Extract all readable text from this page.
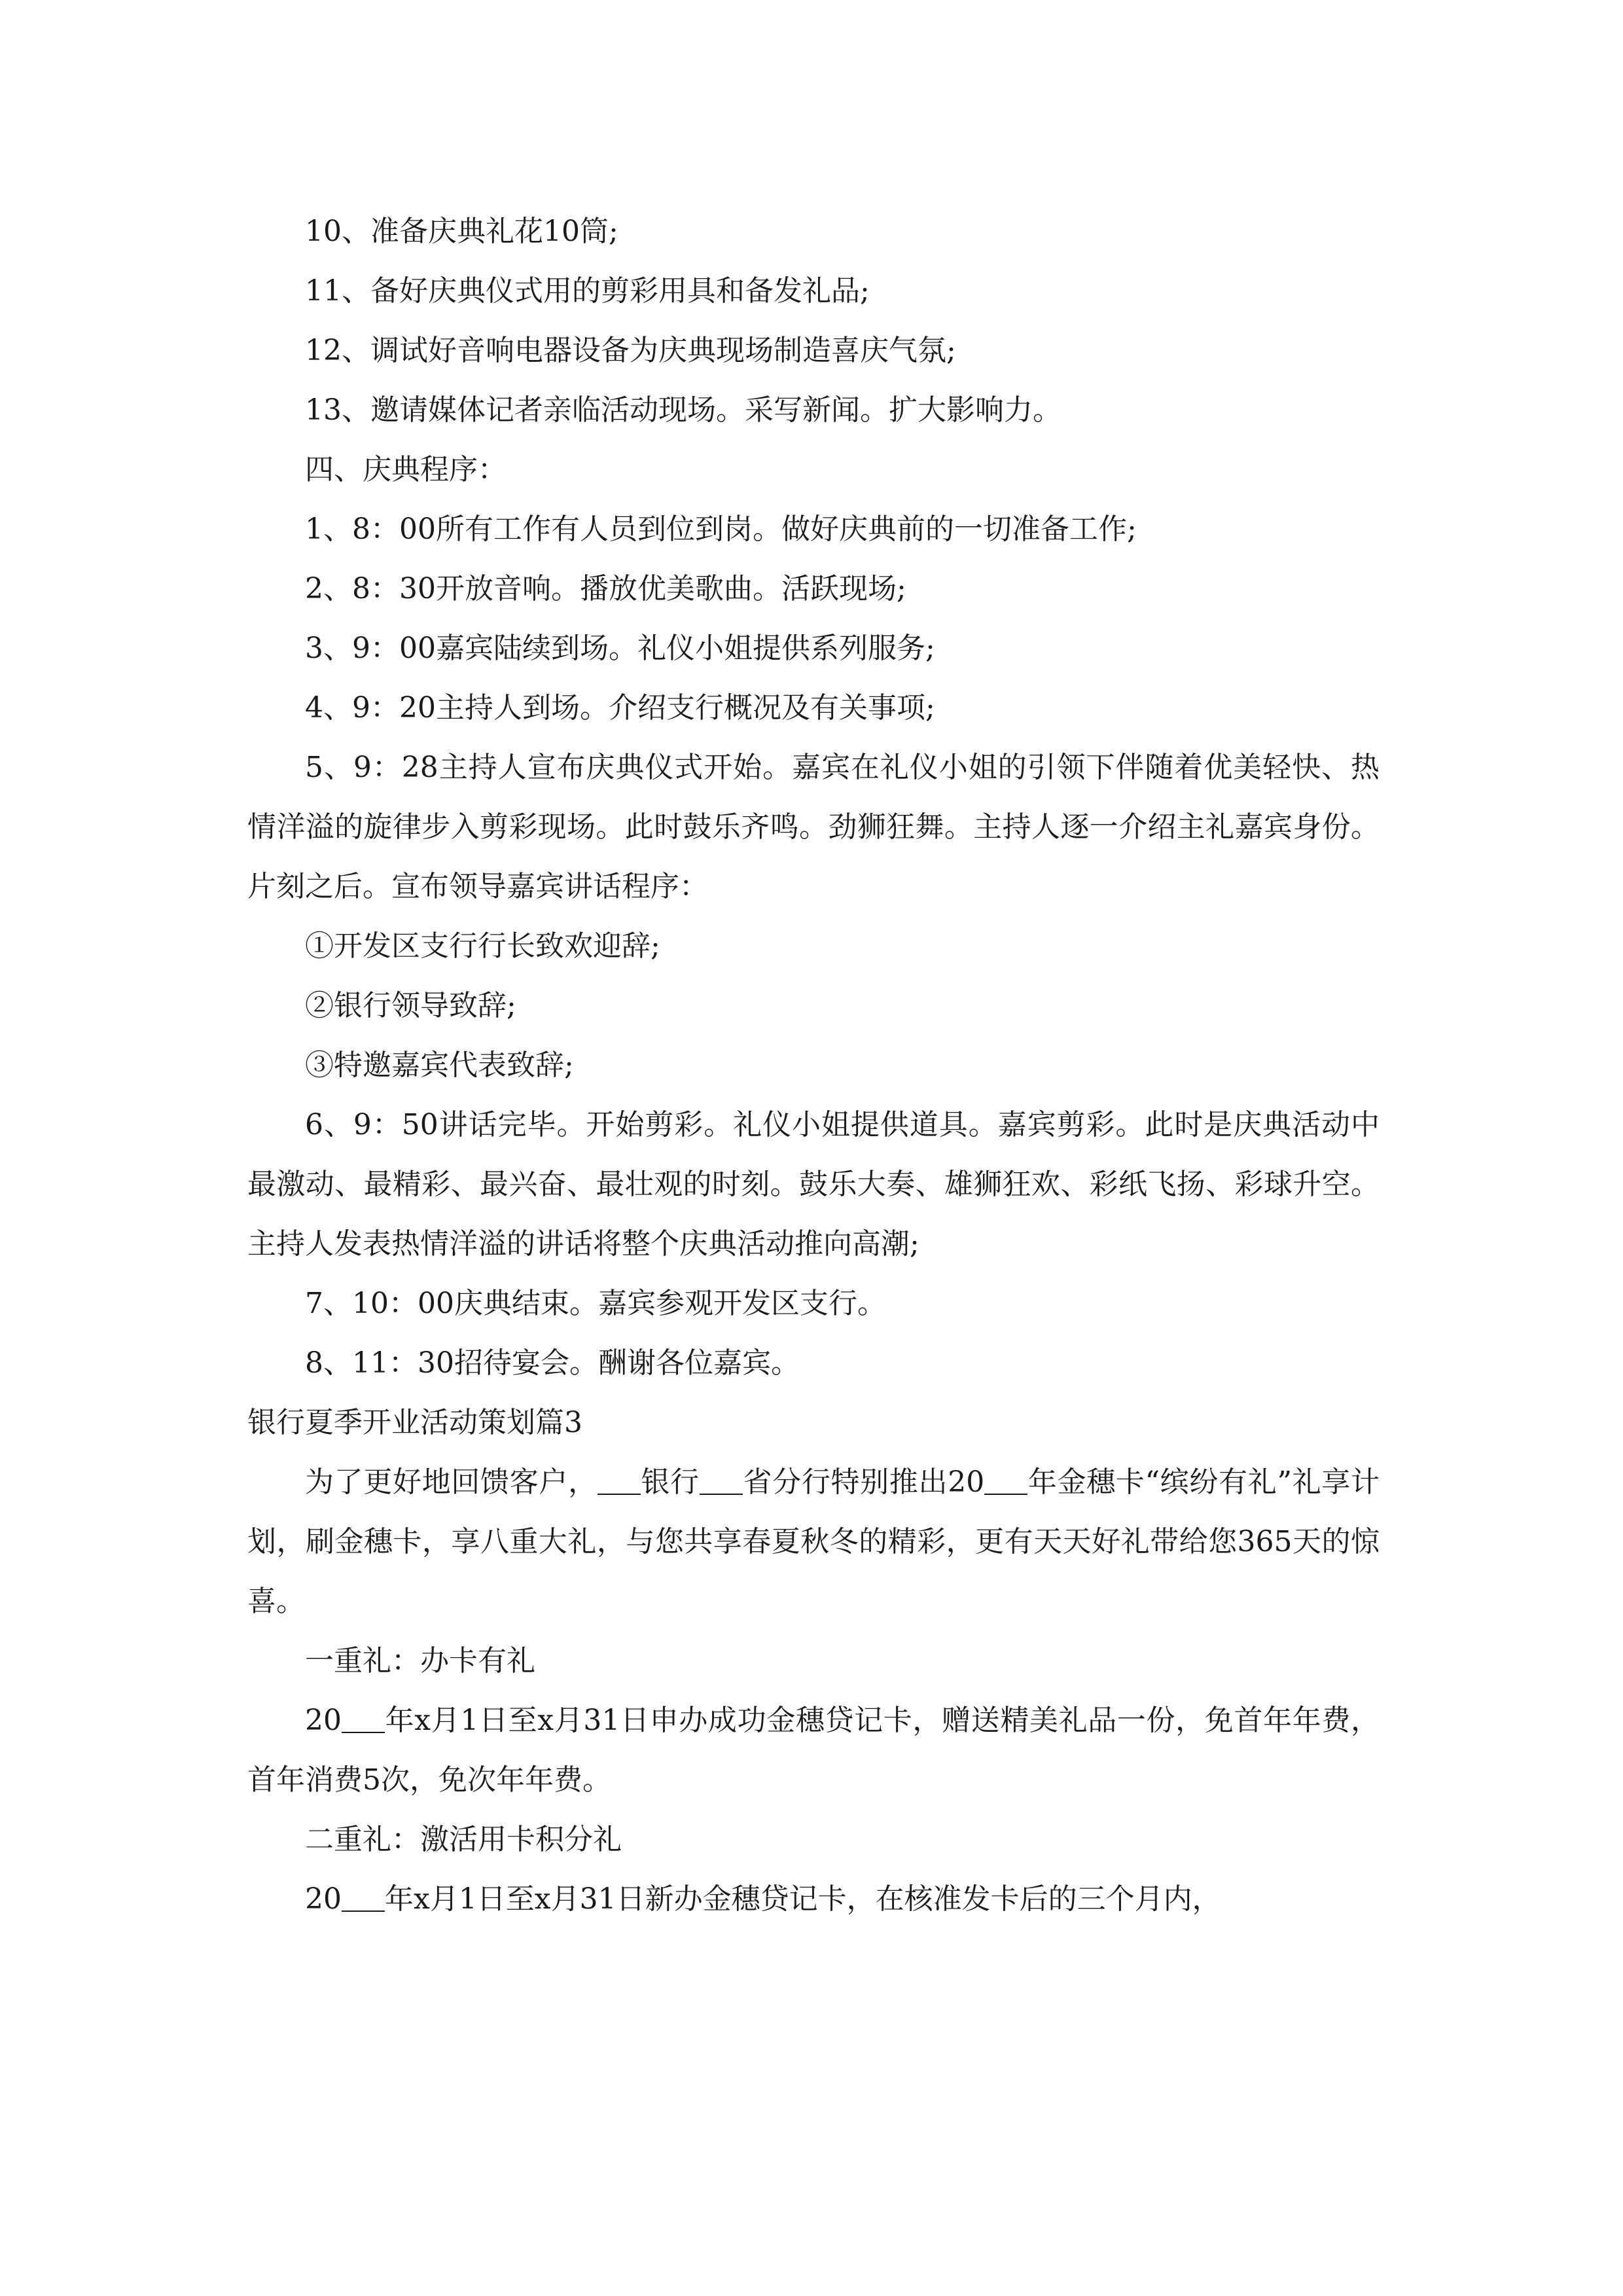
10、准备庆典礼花10筒;

11、备好庆典仪式用的剪彩用具和备发礼品;

12、调试好音响电器设备为庆典现场制造喜庆气氛;

13、邀请媒体记者亲临活动现场。采写新闻。扩大影响力。

四、庆典程序：

1、8：00所有工作有人员到位到岗。做好庆典前的一切准备工作;

2、8：30开放音响。播放优美歌曲。活跃现场;

3、9：00嘉宾陆续到场。礼仪小姐提供系列服务;

4、9：20主持人到场。介绍支行概况及有关事项;

5、9：28主持人宣布庆典仪式开始。嘉宾在礼仪小姐的引领下伴随着优美轻快、热情洋溢的旋律步入剪彩现场。此时鼓乐齐鸣。劲狮狂舞。主持人逐一介绍主礼嘉宾身份。片刻之后。宣布领导嘉宾讲话程序：

①开发区支行行长致欢迎辞;

②银行领导致辞;

③特邀嘉宾代表致辞;

6、9：50讲话完毕。开始剪彩。礼仪小姐提供道具。嘉宾剪彩。此时是庆典活动中最激动、最精彩、最兴奋、最壮观的时刻。鼓乐大奏、雄狮狂欢、彩纸飞扬、彩球升空。主持人发表热情洋溢的讲话将整个庆典活动推向高潮;

7、10：00庆典结束。嘉宾参观开发区支行。

8、11：30招待宴会。酬谢各位嘉宾。

银行夏季开业活动策划篇3

为了更好地回馈客户， 银行 省分行特别推出20 年金穗卡“缤纷有礼”礼享计划，刷金穗卡，享八重大礼，与您共享春夏秋冬的精彩，更有天天好礼带给您365天的惊喜。

一重礼：办卡有礼

20 年x月1日至x月31日申办成功金穗贷记卡，赠送精美礼品一份，免首年年费，首年消费5次，免次年年费。

二重礼：激活用卡积分礼

20 年x月1日至x月31日新办金穗贷记卡，在核准发卡后的三个月内，
